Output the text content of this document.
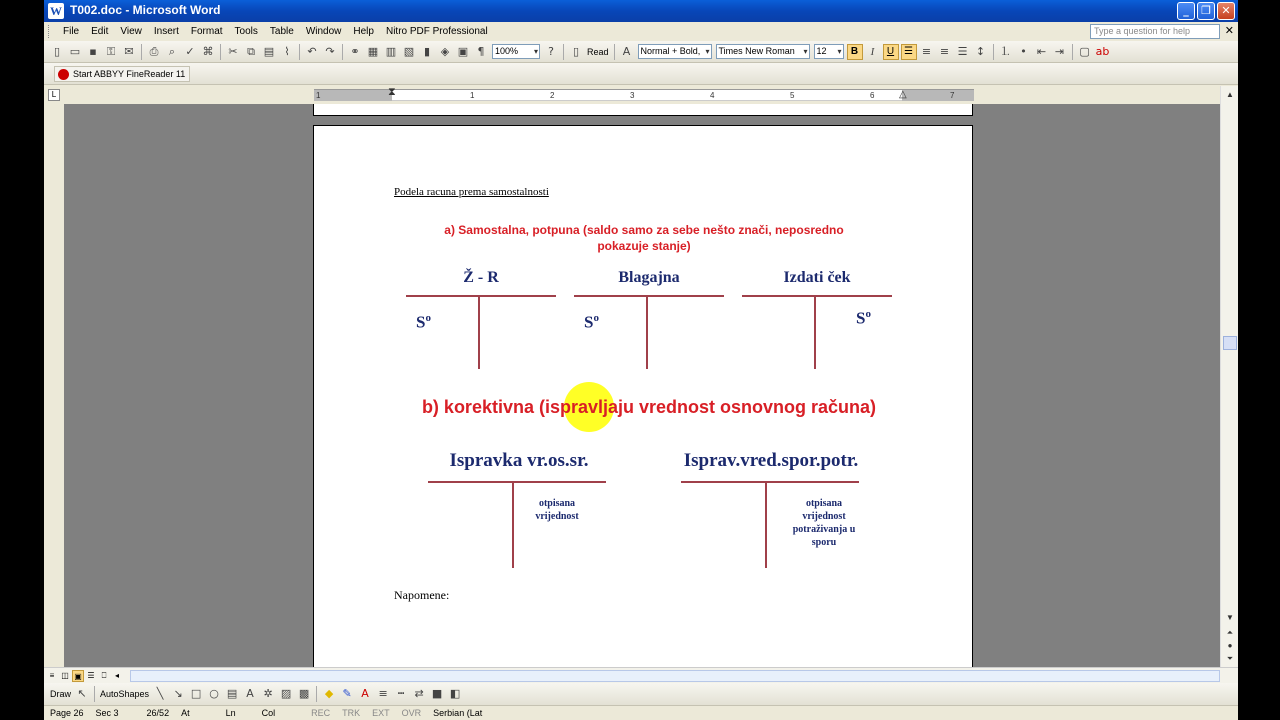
W T002.doc - Microsoft Word	_	❐ ✕
File	Edit	View	Insert	Format	Tools	Table	Window	Help	Nitro PDF Professional	Type a question for help	✕
▯ ▭ ▪ ⚿ ✉	⎙ ⌕ ✓ ⌘	✂ ⧉ ▤ ⌇	↶ ↷	⚭ ▦ ▥ ▧ ▮ ◈ ▣ ¶	100% ▾	?	▯ Read	A	Normal + Bold, ▾	Times New Roman ▾	12 ▾	B	I	U ☰ ≡ ≡ ☰ ↕	⒈ • ⇤ ⇥	▢ ab
Start ABBYY FineReader 11
L	1	1	2	3	4	5	6	7
⧗	△
Podela racuna prema samostalnosti
a) Samostalna, potpuna (saldo samo za sebe nešto znači, neposredno
pokazuje stanje)
Ž - R	Blagajna	Izdati ček
$S^o$	$S^o$	$S^o$
b) korektivna (ispravljaju vrednost osnovnog računa)
Ispravka vr.os.sr.	Isprav.vred.spor.potr.
otpisana vrijednost
otpisana vrijednost potraživanja u sporu
Napomene:
▲
▼
⏶
●
⏷
≡ ◫ ▣ ☰ ⎕	◂
Draw ↖	AutoShapes ╲ ↘ □ ○ ▤ A ✲ ▨ ▩	◆ ✎ A ≡ ┅ ⇄ ■ ◧
Page 26	Sec 3	26/52	At	Ln	Col	REC	TRK	EXT	OVR	Serbian (Lat
